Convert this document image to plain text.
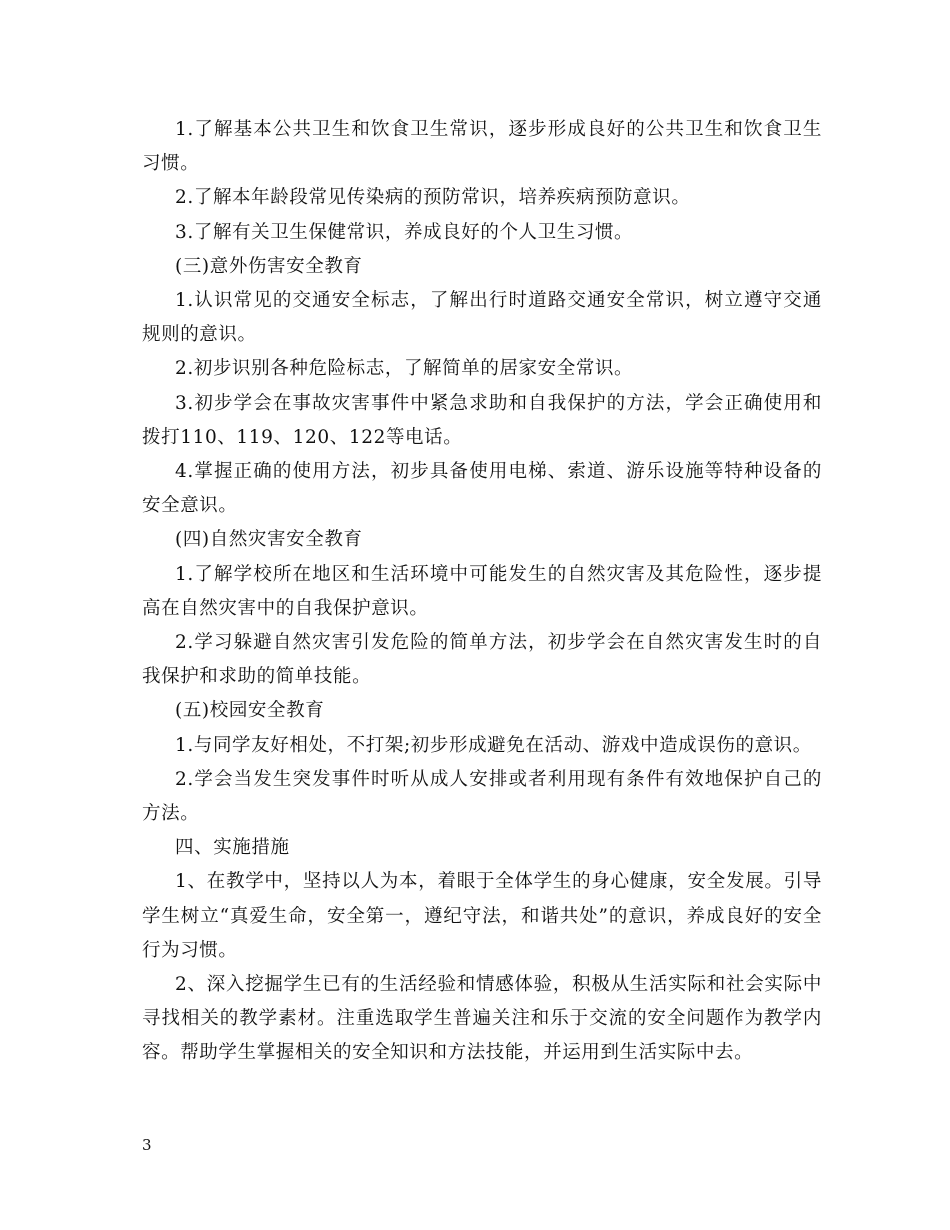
1.了解基本公共卫生和饮食卫生常识，逐步形成良好的公共卫生和饮食卫生习惯。

2.了解本年龄段常见传染病的预防常识，培养疾病预防意识。

3.了解有关卫生保健常识，养成良好的个人卫生习惯。

(三)意外伤害安全教育

1.认识常见的交通安全标志，了解出行时道路交通安全常识，树立遵守交通规则的意识。

2.初步识别各种危险标志，了解简单的居家安全常识。

3.初步学会在事故灾害事件中紧急求助和自我保护的方法，学会正确使用和拨打110、119、120、122等电话。

4.掌握正确的使用方法，初步具备使用电梯、索道、游乐设施等特种设备的安全意识。

(四)自然灾害安全教育

1.了解学校所在地区和生活环境中可能发生的自然灾害及其危险性，逐步提高在自然灾害中的自我保护意识。

2.学习躲避自然灾害引发危险的简单方法，初步学会在自然灾害发生时的自我保护和求助的简单技能。

(五)校园安全教育

1.与同学友好相处，不打架;初步形成避免在活动、游戏中造成误伤的意识。

2.学会当发生突发事件时听从成人安排或者利用现有条件有效地保护自己的方法。

四、实施措施

1、在教学中，坚持以人为本，着眼于全体学生的身心健康，安全发展。引导学生树立“真爱生命，安全第一，遵纪守法，和谐共处”的意识，养成良好的安全行为习惯。

2、深入挖掘学生已有的生活经验和情感体验，积极从生活实际和社会实际中寻找相关的教学素材。注重选取学生普遍关注和乐于交流的安全问题作为教学内容。帮助学生掌握相关的安全知识和方法技能，并运用到生活实际中去。

3
